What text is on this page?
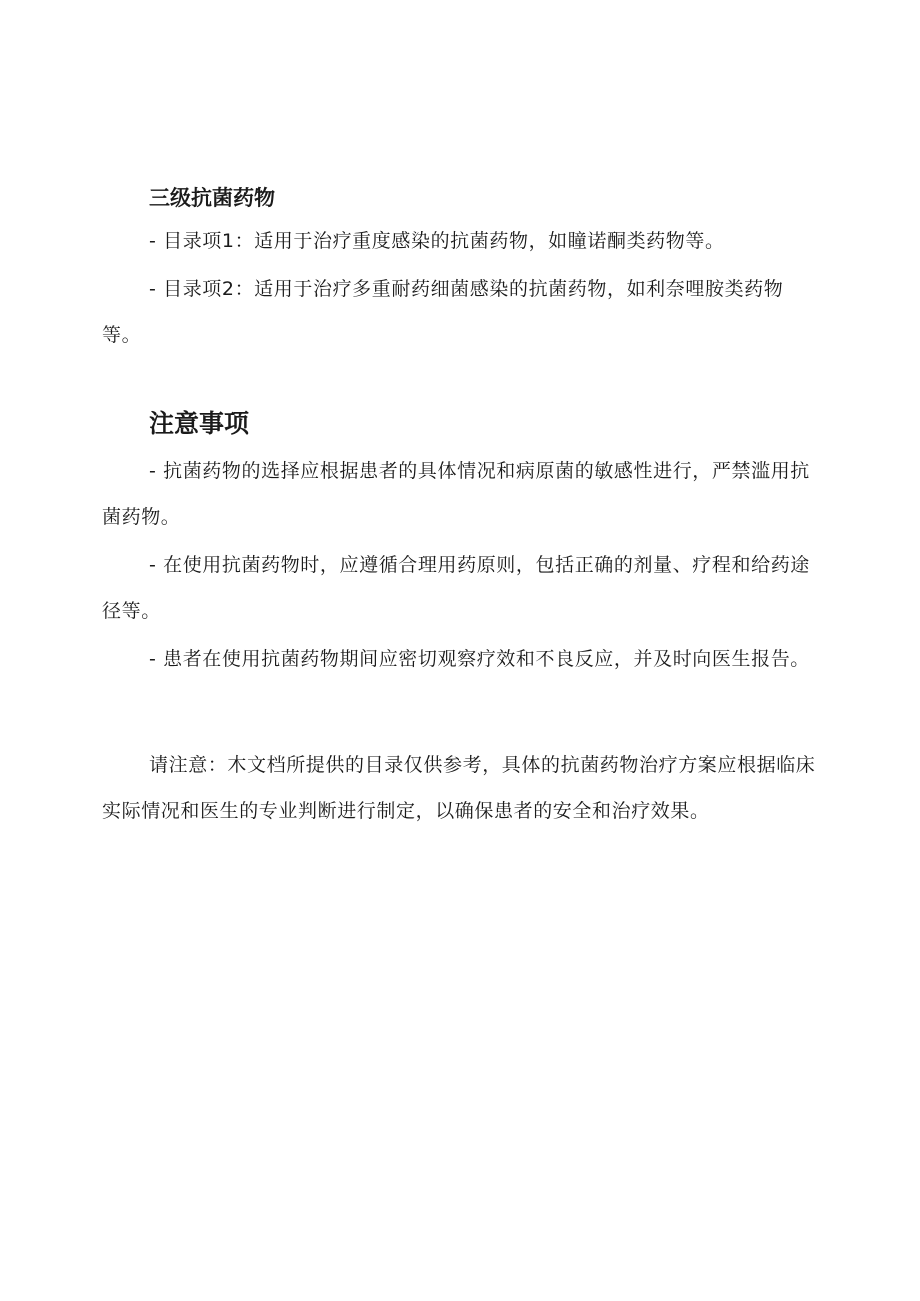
三级抗菌药物

- 目录项1：适用于治疗重度感染的抗菌药物，如瞳诺酮类药物等。

- 目录项2：适用于治疗多重耐药细菌感染的抗菌药物，如利奈哩胺类药物等。

注意事项

- 抗菌药物的选择应根据患者的具体情况和病原菌的敏感性进行，严禁滥用抗菌药物。

- 在使用抗菌药物时，应遵循合理用药原则，包括正确的剂量、疗程和给药途径等。

- 患者在使用抗菌药物期间应密切观察疗效和不良反应，并及时向医生报告。

请注意：木文档所提供的目录仅供参考，具体的抗菌药物治疗方案应根据临床实际情况和医生的专业判断进行制定，以确保患者的安全和治疗效果。
